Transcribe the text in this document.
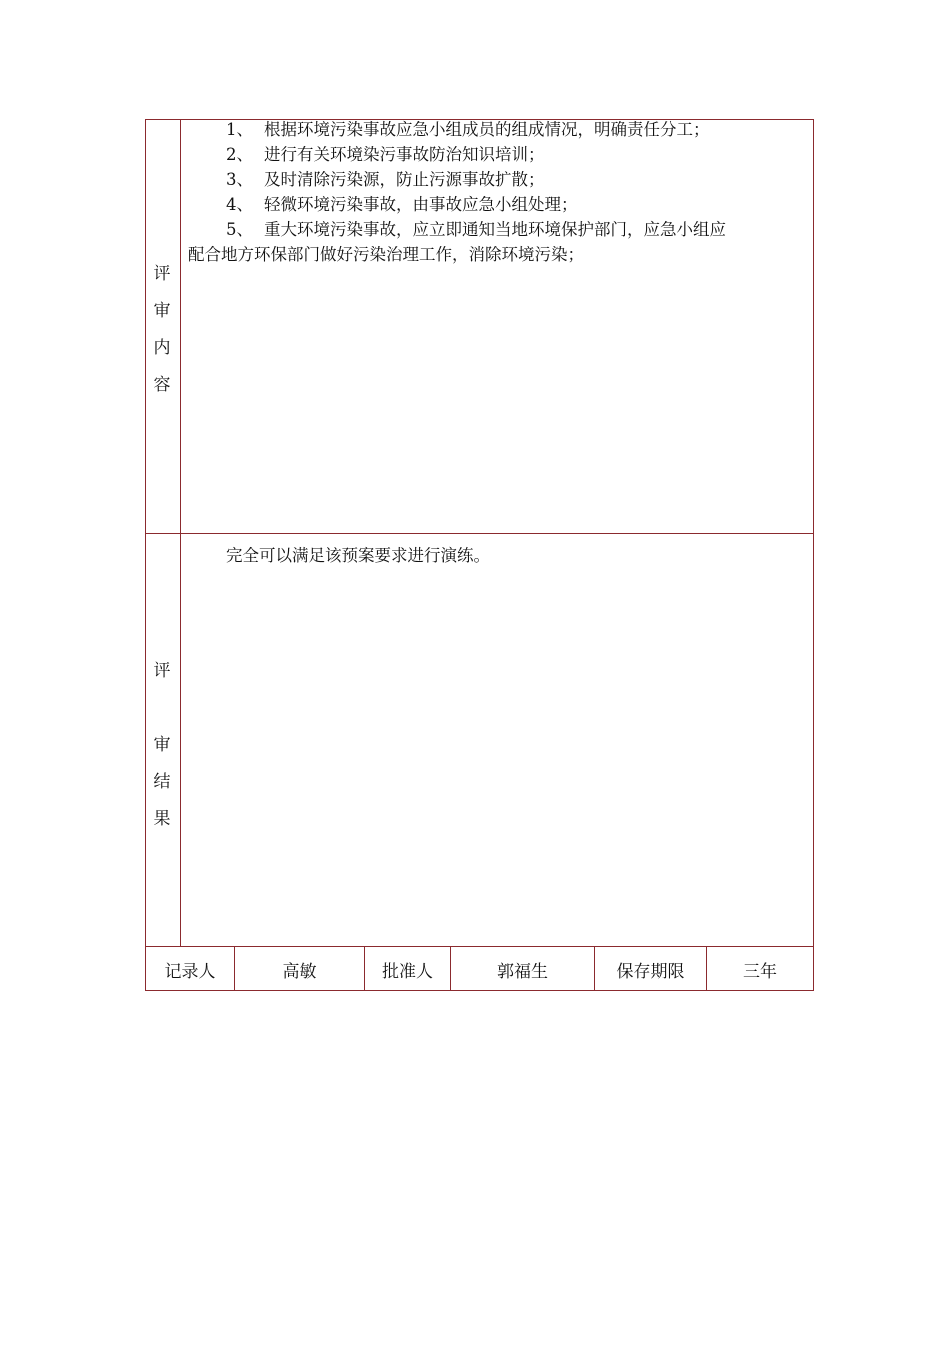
评
审
内
容
1、 根据环境污染事故应急小组成员的组成情况，明确责任分工；
2、 进行有关环境染污事故防治知识培训；
3、 及时清除污染源，防止污源事故扩散；
4、 轻微环境污染事故，由事故应急小组处理；
5、 重大环境污染事故，应立即通知当地环境保护部门，应急小组应
配合地方环保部门做好污染治理工作，消除环境污染；
评
审
结
果
完全可以满足该预案要求进行演练。
记录人	高敏	批准人	郭福生	保存期限	三年
